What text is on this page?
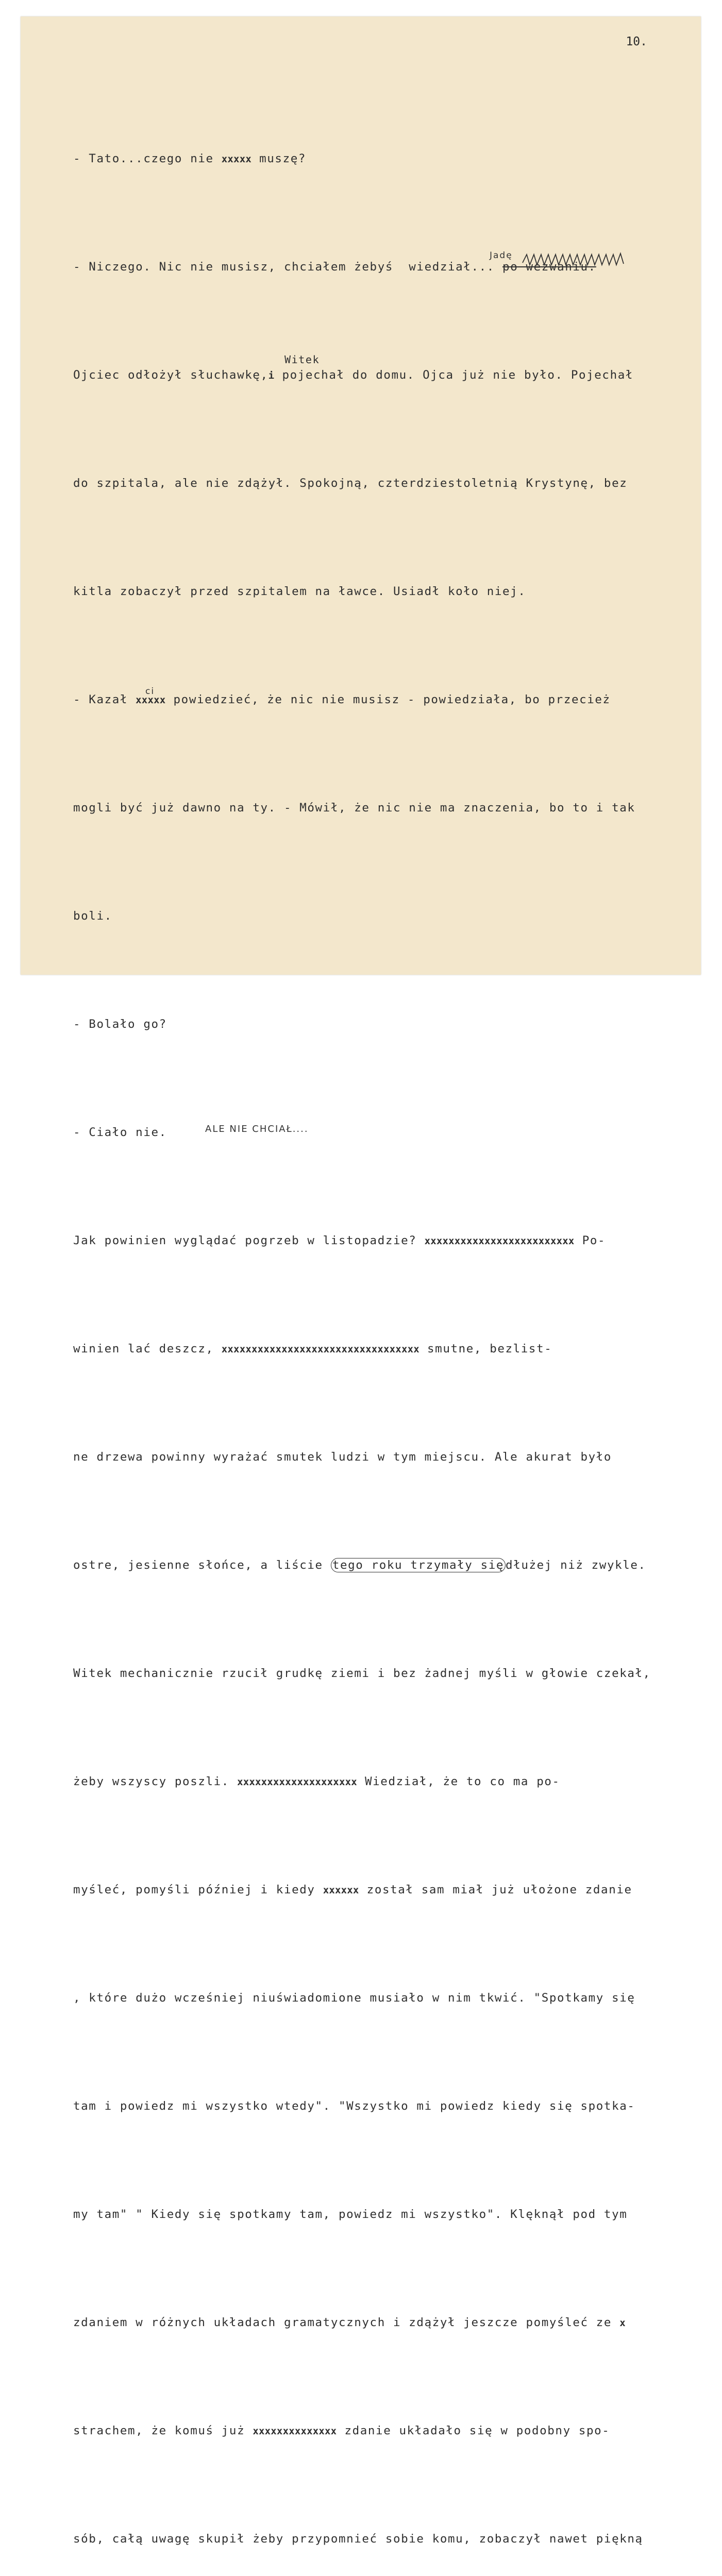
10.

- Tato...czego nie xxxxx muszę?

- Niczego. Nic nie musisz, chciałem żebyś  wiedział... po wezwaniu.

Jadę

Ojciec odłożył słuchawkę,i pojechał do domu. Ojca już nie było. Pojechał

Witek

do szpitala, ale nie zdążył. Spokojną, czterdziestoletnią Krystynę, bez

kitla zobaczył przed szpitalem na ławce. Usiadł koło niej.

- Kazał xxxxx powiedzieć, że nic nie musisz - powiedziała, bo przecież

ci

mogli być już dawno na ty. - Mówił, że nic nie ma znaczenia, bo to i tak

boli.

- Bolało go?

- Ciało nie.
	ALE NIE CHCIAŁ....

Jak powinien wyglądać pogrzeb w listopadzie? xxxxxxxxxxxxxxxxxxxxxxxxx Po-

winien lać deszcz, xxxxxxxxxxxxxxxxxxxxxxxxxxxxxxxxx smutne, bezlist-

ne drzewa powinny wyrażać smutek ludzi w tym miejscu. Ale akurat było

ostre, jesienne słońce, a liście tego roku trzymały się dłużej niż zwykle.

Witek mechanicznie rzucił grudkę ziemi i bez żadnej myśli w głowie czekał,

żeby wszyscy poszli. xxxxxxxxxxxxxxxxxxxx Wiedział, że to co ma po-

myśleć, pomyśli później i kiedy xxxxxx został sam miał już ułożone zdanie

, które dużo wcześniej niuświadomione musiało w nim tkwić. "Spotkamy się

tam i powiedz mi wszystko wtedy". "Wszystko mi powiedz kiedy się spotka-

my tam" " Kiedy się spotkamy tam, powiedz mi wszystko". Klęknął pod tym

zdaniem w różnych układach gramatycznych i zdążył jeszcze pomyśleć ze x

strachem, że komuś już xxxxxxxxxxxxxx zdanie układało się w podobny spo-

sób, całą uwagę skupił żeby przypomnieć sobie komu, zobaczył nawet piękną
